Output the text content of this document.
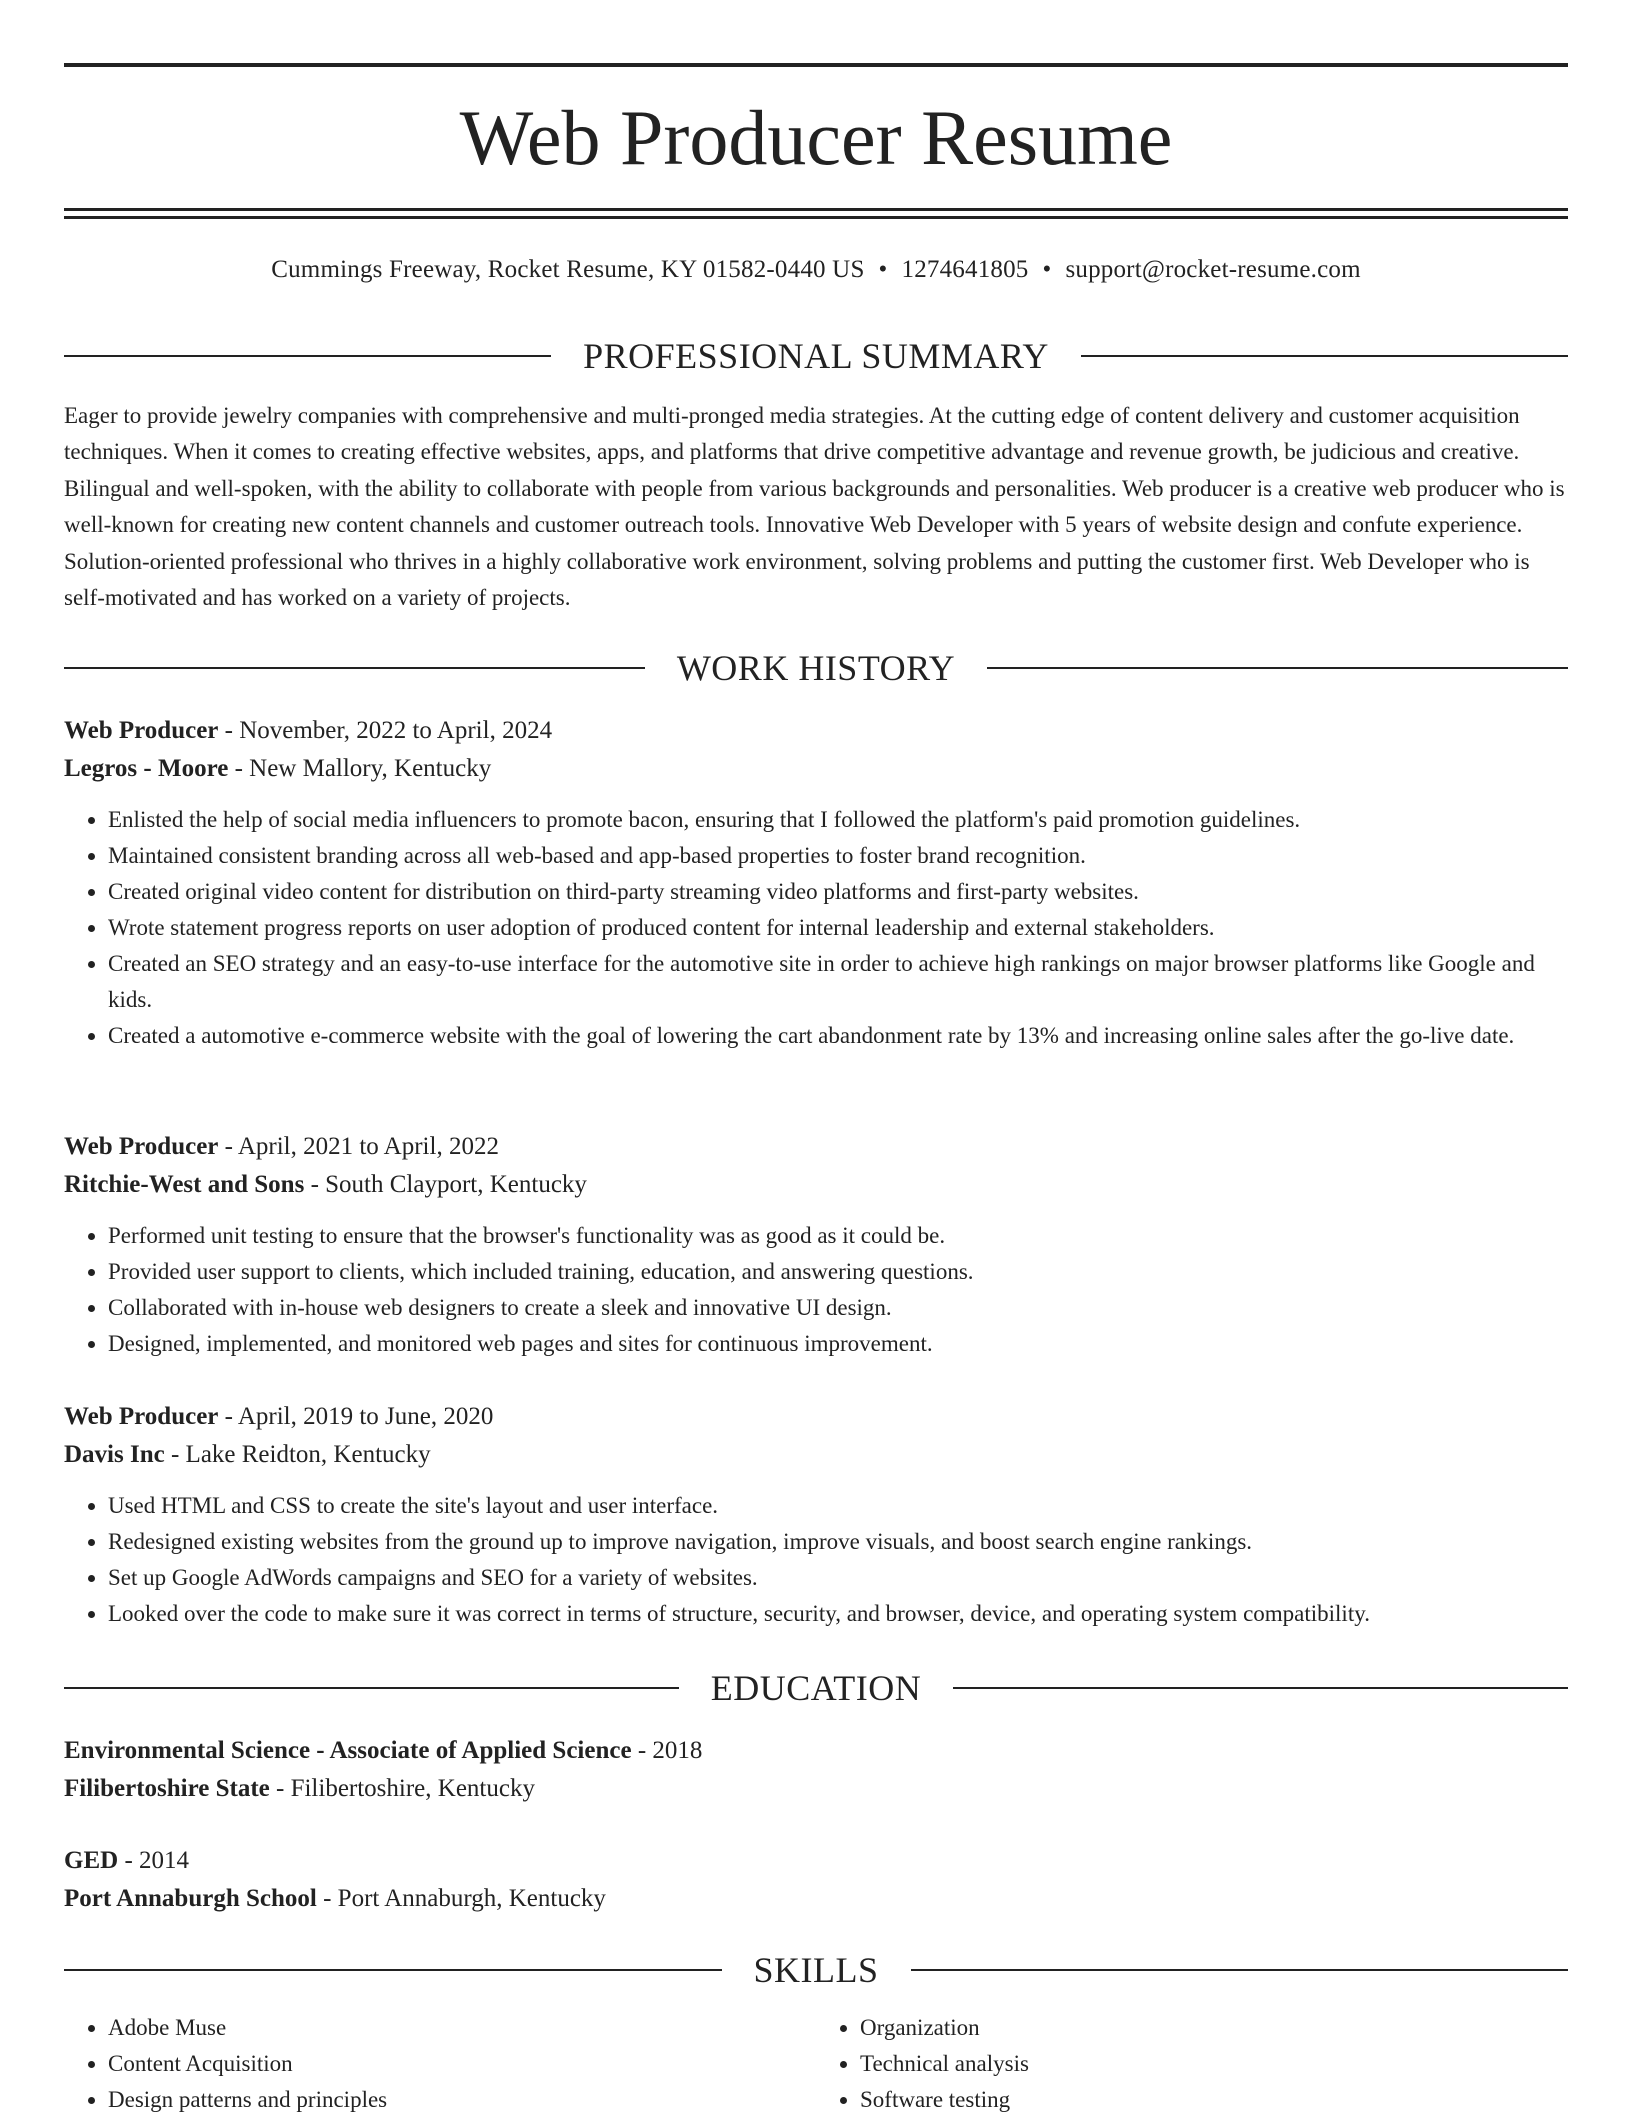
Web Producer Resume
Cummings Freeway, Rocket Resume, KY 01582-0440 US • 1274641805 • support@rocket-resume.com
PROFESSIONAL SUMMARY

Eager to provide jewelry companies with comprehensive and multi-pronged media strategies. At the cutting edge of content delivery and customer acquisition techniques. When it comes to creating effective websites, apps, and platforms that drive competitive advantage and revenue growth, be judicious and creative. Bilingual and well-spoken, with the ability to collaborate with people from various backgrounds and personalities. Web producer is a creative web producer who is well-known for creating new content channels and customer outreach tools. Innovative Web Developer with 5 years of website design and confute experience. Solution-oriented professional who thrives in a highly collaborative work environment, solving problems and putting the customer first. Web Developer who is self-motivated and has worked on a variety of projects.

WORK HISTORY
Web Producer - November, 2022 to April, 2024
Legros - Moore - New Mallory, Kentucky
• Enlisted the help of social media influencers to promote bacon, ensuring that I followed the platform's paid promotion guidelines.
• Maintained consistent branding across all web-based and app-based properties to foster brand recognition.
• Created original video content for distribution on third-party streaming video platforms and first-party websites.
• Wrote statement progress reports on user adoption of produced content for internal leadership and external stakeholders.
• Created an SEO strategy and an easy-to-use interface for the automotive site in order to achieve high rankings on major browser platforms like Google and kids.
• Created a automotive e-commerce website with the goal of lowering the cart abandonment rate by 13% and increasing online sales after the go-live date.
Web Producer - April, 2021 to April, 2022
Ritchie-West and Sons - South Clayport, Kentucky
• Performed unit testing to ensure that the browser's functionality was as good as it could be.
• Provided user support to clients, which included training, education, and answering questions.
• Collaborated with in-house web designers to create a sleek and innovative UI design.
• Designed, implemented, and monitored web pages and sites for continuous improvement.
Web Producer - April, 2019 to June, 2020
Davis Inc - Lake Reidton, Kentucky
• Used HTML and CSS to create the site's layout and user interface.
• Redesigned existing websites from the ground up to improve navigation, improve visuals, and boost search engine rankings.
• Set up Google AdWords campaigns and SEO for a variety of websites.
• Looked over the code to make sure it was correct in terms of structure, security, and browser, device, and operating system compatibility.
EDUCATION
Environmental Science - Associate of Applied Science - 2018
Filibertoshire State - Filibertoshire, Kentucky
GED - 2014
Port Annaburgh School - Port Annaburgh, Kentucky
SKILLS
• Adobe Muse
• Content Acquisition
• Design patterns and principles
• Organization
• Technical analysis
• Software testing
